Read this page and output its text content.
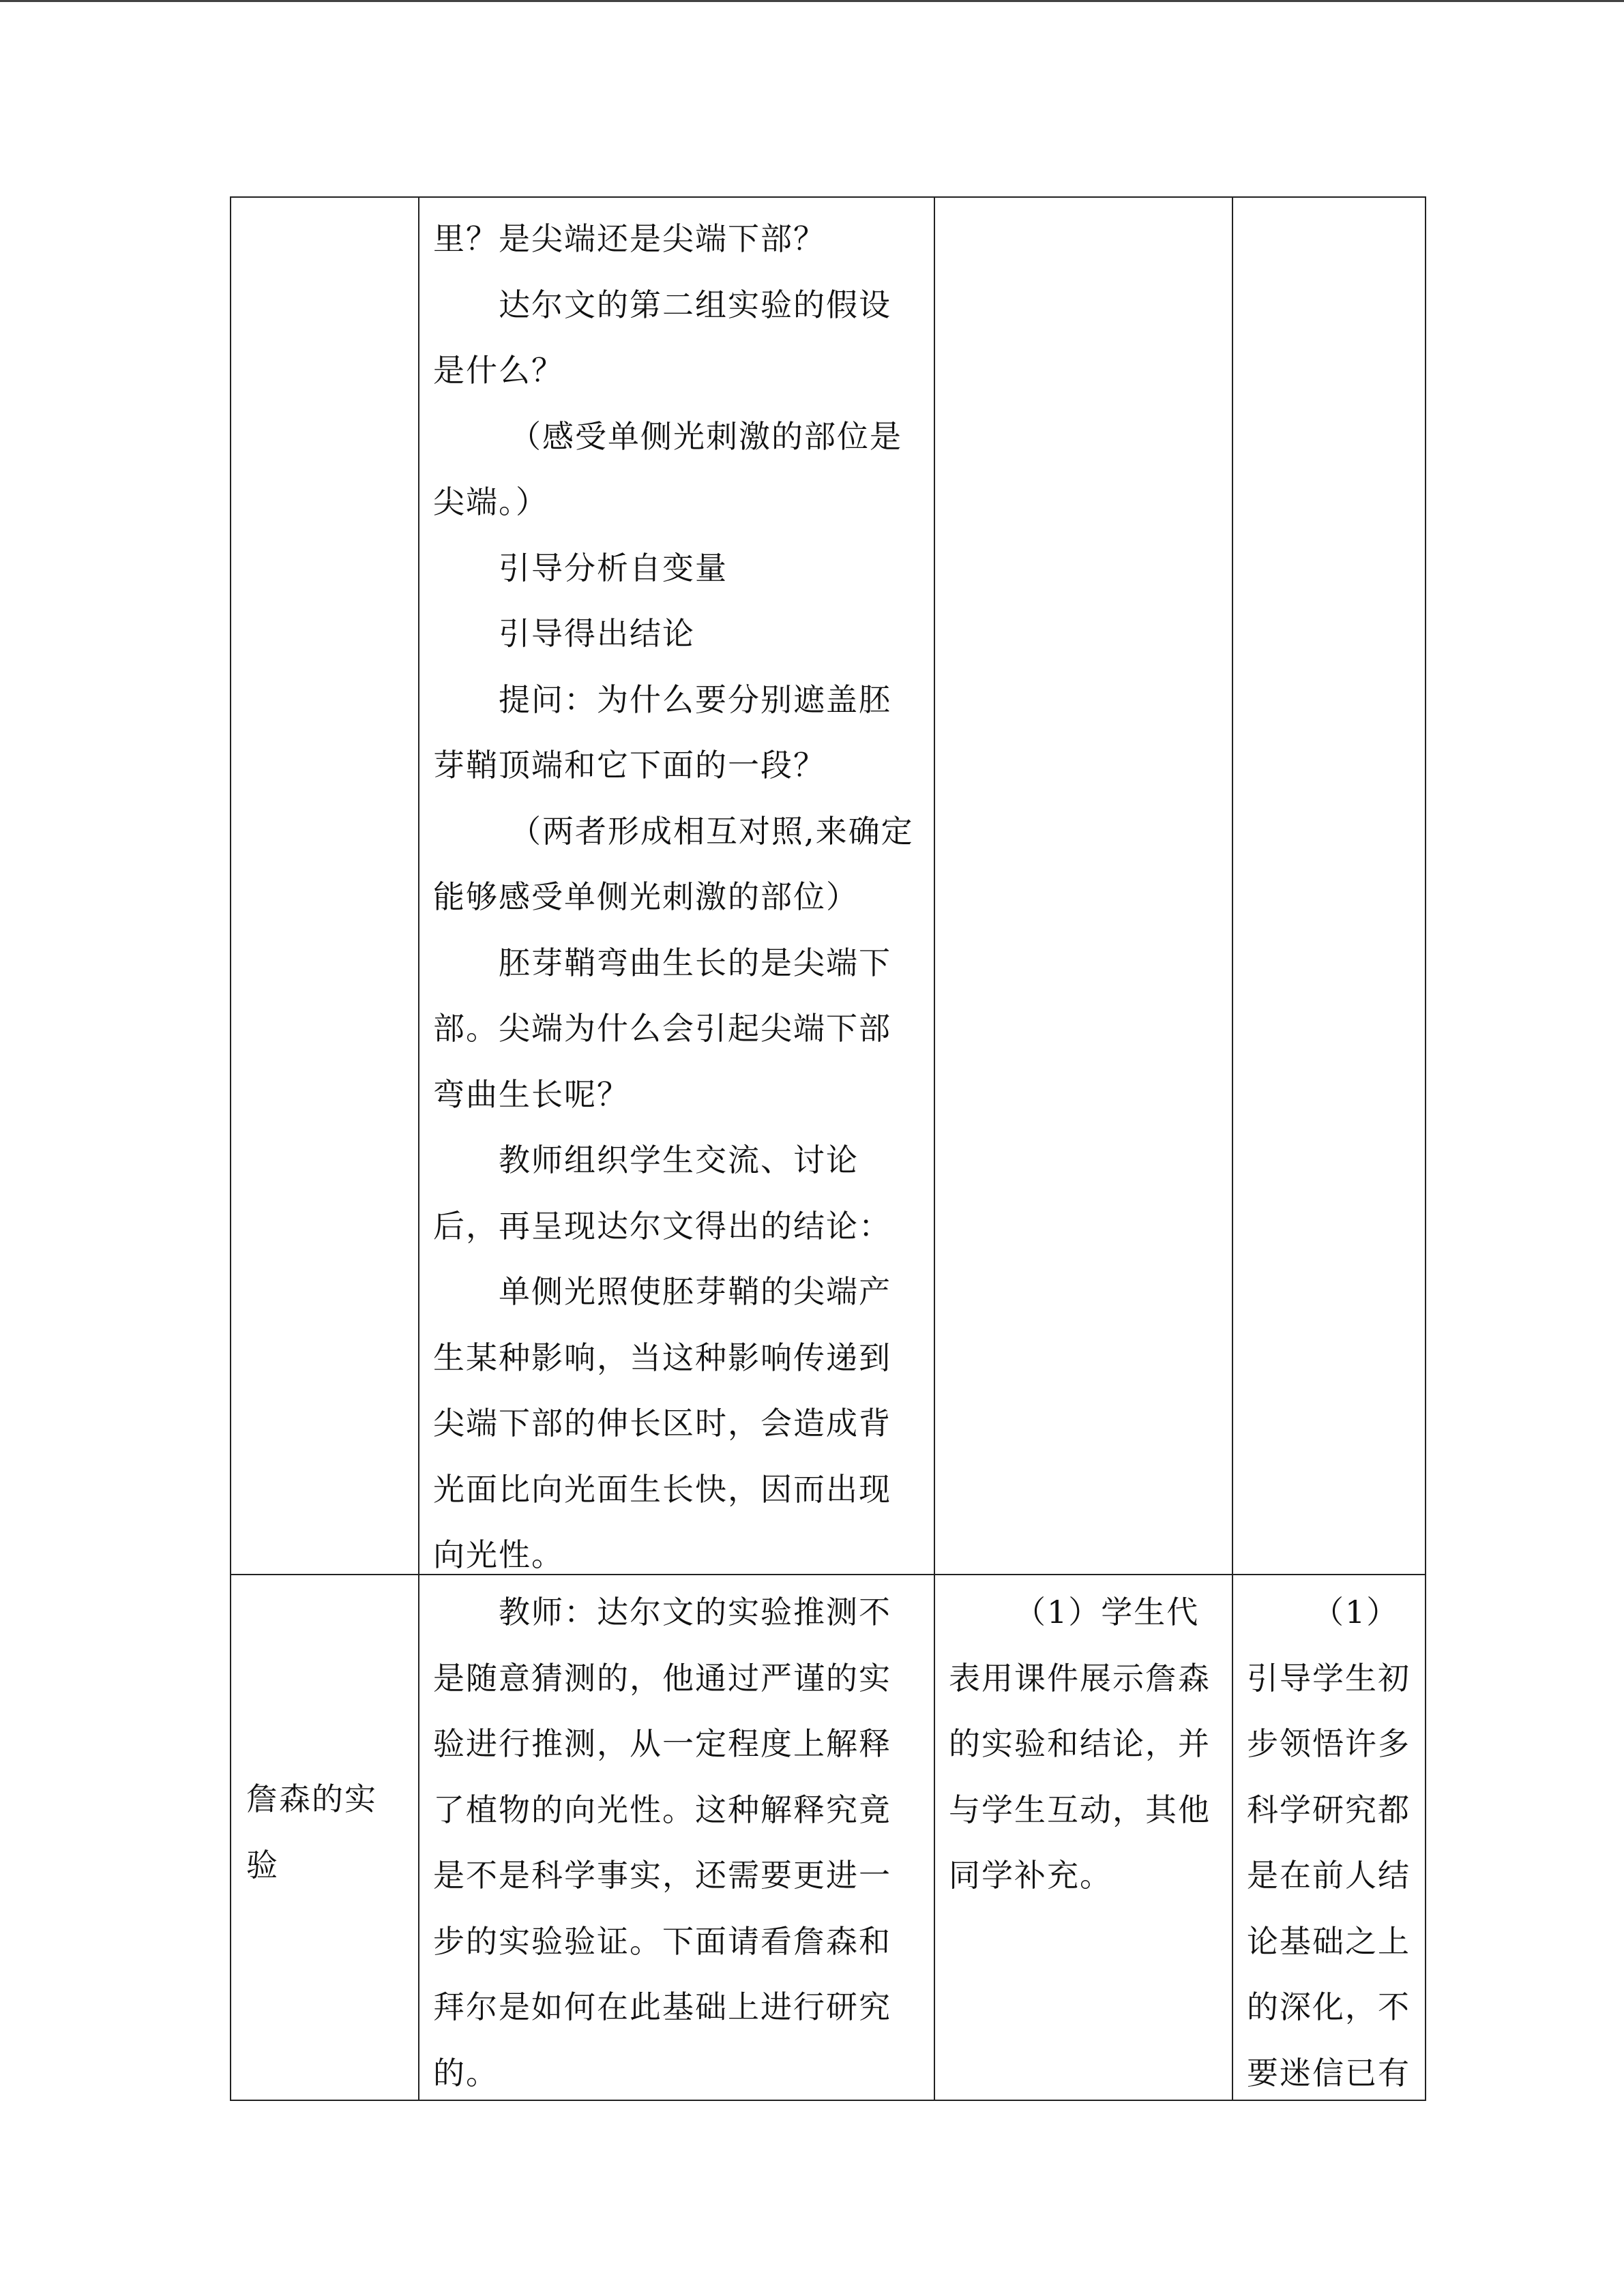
里？是尖端还是尖端下部？
达尔文的第二组实验的假设
是什么？
（感受单侧光刺激的部位是
尖端。）
引导分析自变量
引导得出结论
提问：为什么要分别遮盖胚
芽鞘顶端和它下面的一段？
（两者形成相互对照,来确定
能够感受单侧光刺激的部位）
胚芽鞘弯曲生长的是尖端下
部。尖端为什么会引起尖端下部
弯曲生长呢？
教师组织学生交流、讨论
后，再呈现达尔文得出的结论：
单侧光照使胚芽鞘的尖端产
生某种影响，当这种影响传递到
尖端下部的伸长区时，会造成背
光面比向光面生长快，因而出现
向光性。
詹森的实
验
教师：达尔文的实验推测不
是随意猜测的，他通过严谨的实
验进行推测，从一定程度上解释
了植物的向光性。这种解释究竟
是不是科学事实，还需要更进一
步的实验验证。下面请看詹森和
拜尔是如何在此基础上进行研究
的。
（1）学生代
表用课件展示詹森
的实验和结论，并
与学生互动，其他
同学补充。
（1）
引导学生初
步领悟许多
科学研究都
是在前人结
论基础之上
的深化，不
要迷信已有
